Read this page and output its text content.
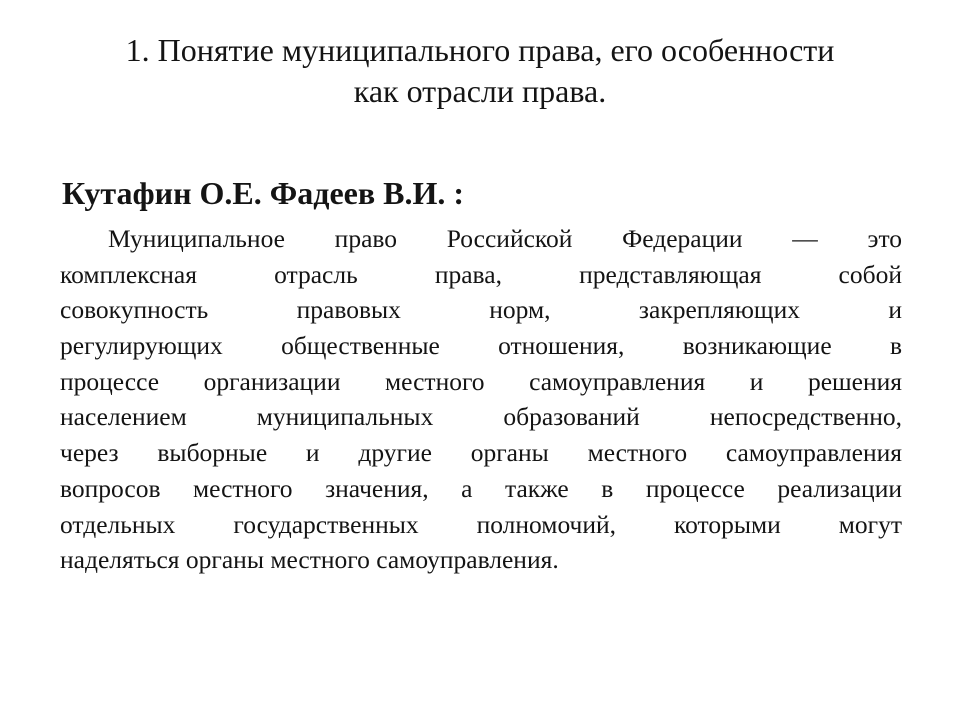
1. Понятие муниципального права, его особенности
как отрасли права.

Кутафин О.Е. Фадеев В.И. :

Муниципальное право Российской Федерации — это
комплексная отрасль права, представляющая собой
совокупность правовых норм, закрепляющих и
регулирующих общественные отношения, возникающие в
процессе организации местного самоуправления и решения
населением муниципальных образований непосредственно,
через выборные и другие органы местного самоуправления
вопросов местного значения, а также в процессе реализации
отдельных государственных полномочий, которыми могут
наделяться органы местного самоуправления.
